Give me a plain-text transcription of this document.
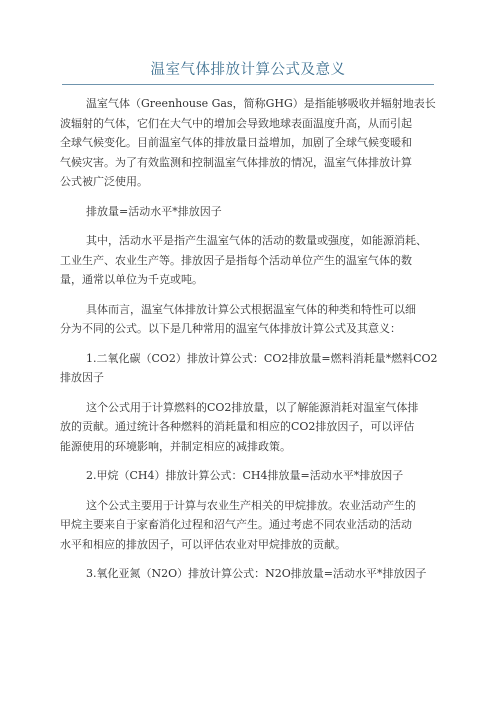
温室气体排放计算公式及意义

温室气体（Greenhouse Gas，简称GHG）是指能够吸收并辐射地表长
波辐射的气体，它们在大气中的增加会导致地球表面温度升高，从而引起
全球气候变化。目前温室气体的排放量日益增加，加剧了全球气候变暖和
气候灾害。为了有效监测和控制温室气体排放的情况，温室气体排放计算
公式被广泛使用。

排放量=活动水平*排放因子

其中，活动水平是指产生温室气体的活动的数量或强度，如能源消耗、
工业生产、农业生产等。排放因子是指每个活动单位产生的温室气体的数
量，通常以单位为千克或吨。

具体而言，温室气体排放计算公式根据温室气体的种类和特性可以细
分为不同的公式。以下是几种常用的温室气体排放计算公式及其意义：

1.二氧化碳（CO2）排放计算公式：CO2排放量=燃料消耗量*燃料CO2
排放因子

这个公式用于计算燃料的CO2排放量，以了解能源消耗对温室气体排
放的贡献。通过统计各种燃料的消耗量和相应的CO2排放因子，可以评估
能源使用的环境影响，并制定相应的减排政策。

2.甲烷（CH4）排放计算公式：CH4排放量=活动水平*排放因子

这个公式主要用于计算与农业生产相关的甲烷排放。农业活动产生的
甲烷主要来自于家畜消化过程和沼气产生。通过考虑不同农业活动的活动
水平和相应的排放因子，可以评估农业对甲烷排放的贡献。

3.氧化亚氮（N2O）排放计算公式：N2O排放量=活动水平*排放因子
